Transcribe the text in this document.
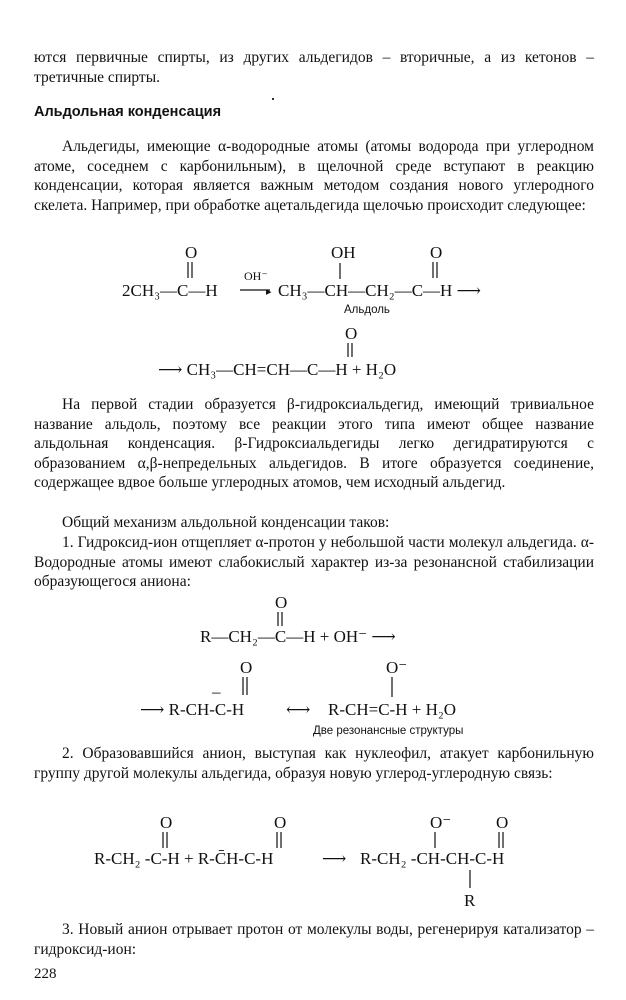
ются первичные спирты, из других альдегидов – вторичные, а из кетонов – третичные спирты.

Альдольная конденсация

Альдегиды, имеющие α-водородные атомы (атомы водорода при углеродном атоме, соседнем с карбонильным), в щелочной среде вступают в реакцию конденсации, которая является важным методом создания нового углеродного скелета. Например, при обработке ацетальдегида щелочью происходит следующее:

O
2CH₃—C—H
OH⁻
▸
OH	O
CH₃—CH—CH₂—C—H ⟶
Альдоль
O
⟶ CH₃—CH=CH—C—H + H₂O

На первой стадии образуется β-гидроксиальдегид, имеющий тривиальное название альдоль, поэтому все реакции этого типа имеют общее название альдольная конденсация. β-Гидроксиальдегиды легко дегидратируются с образованием α,β-непредельных альдегидов. В итоге образуется соединение, содержащее вдвое больше углеродных атомов, чем исходный альдегид.

Общий механизм альдольной конденсации таков:

1. Гидроксид-ион отщепляет α-протон у небольшой части молекул альдегида. α-Водородные атомы имеют слабокислый характер из-за резонансной стабилизации образующегося аниона:

O
R—CH₂—C—H + OH⁻ ⟶
O
–
⟶ R-CH-C-H ⟷
O⁻
R-CH=C-H + H₂O
Две резонансные структуры

2. Образовавшийся анион, выступая как нуклеофил, атакует карбонильную группу другой молекулы альдегида, образуя новую углерод-углеродную связь:

O	O
R-CH₂ -C-H + R-C̄H-C-H	⟶
O⁻	O
R-CH₂ -CH-CH-C-H
R

3. Новый анион отрывает протон от молекулы воды, регенерируя катализатор – гидроксид-ион:

228
